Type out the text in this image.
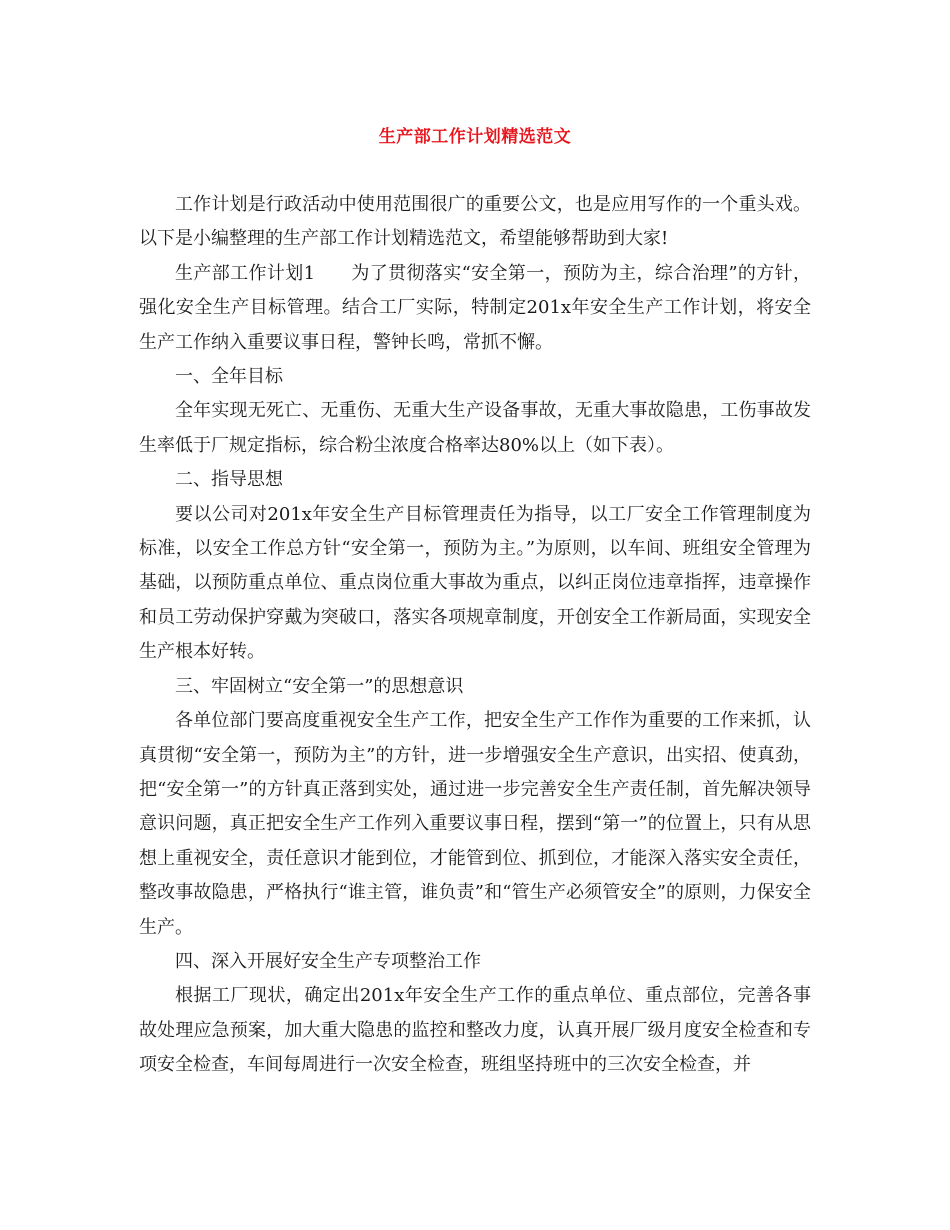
生产部工作计划精选范文

工作计划是行政活动中使用范围很广的重要公文，也是应用写作的一个重头戏。以下是小编整理的生产部工作计划精选范文，希望能够帮助到大家!

生产部工作计划1 为了贯彻落实“安全第一，预防为主，综合治理”的方针，强化安全生产目标管理。结合工厂实际，特制定201x年安全生产工作计划，将安全生产工作纳入重要议事日程，警钟长鸣，常抓不懈。

一、全年目标

全年实现无死亡、无重伤、无重大生产设备事故，无重大事故隐患，工伤事故发生率低于厂规定指标，综合粉尘浓度合格率达80%以上（如下表）。

二、指导思想

要以公司对201x年安全生产目标管理责任为指导，以工厂安全工作管理制度为标准，以安全工作总方针“安全第一，预防为主。”为原则，以车间、班组安全管理为基础，以预防重点单位、重点岗位重大事故为重点，以纠正岗位违章指挥，违章操作和员工劳动保护穿戴为突破口，落实各项规章制度，开创安全工作新局面，实现安全生产根本好转。

三、牢固树立“安全第一”的思想意识

各单位部门要高度重视安全生产工作，把安全生产工作作为重要的工作来抓，认真贯彻“安全第一，预防为主”的方针，进一步增强安全生产意识，出实招、使真劲，把“安全第一”的方针真正落到实处，通过进一步完善安全生产责任制，首先解决领导意识问题，真正把安全生产工作列入重要议事日程，摆到“第一”的位置上，只有从思想上重视安全，责任意识才能到位，才能管到位、抓到位，才能深入落实安全责任，整改事故隐患，严格执行“谁主管，谁负责”和“管生产必须管安全”的原则，力保安全生产。

四、深入开展好安全生产专项整治工作

根据工厂现状，确定出201x年安全生产工作的重点单位、重点部位，完善各事故处理应急预案，加大重大隐患的监控和整改力度，认真开展厂级月度安全检查和专项安全检查，车间每周进行一次安全检查，班组坚持班中的三次安全检查，并
